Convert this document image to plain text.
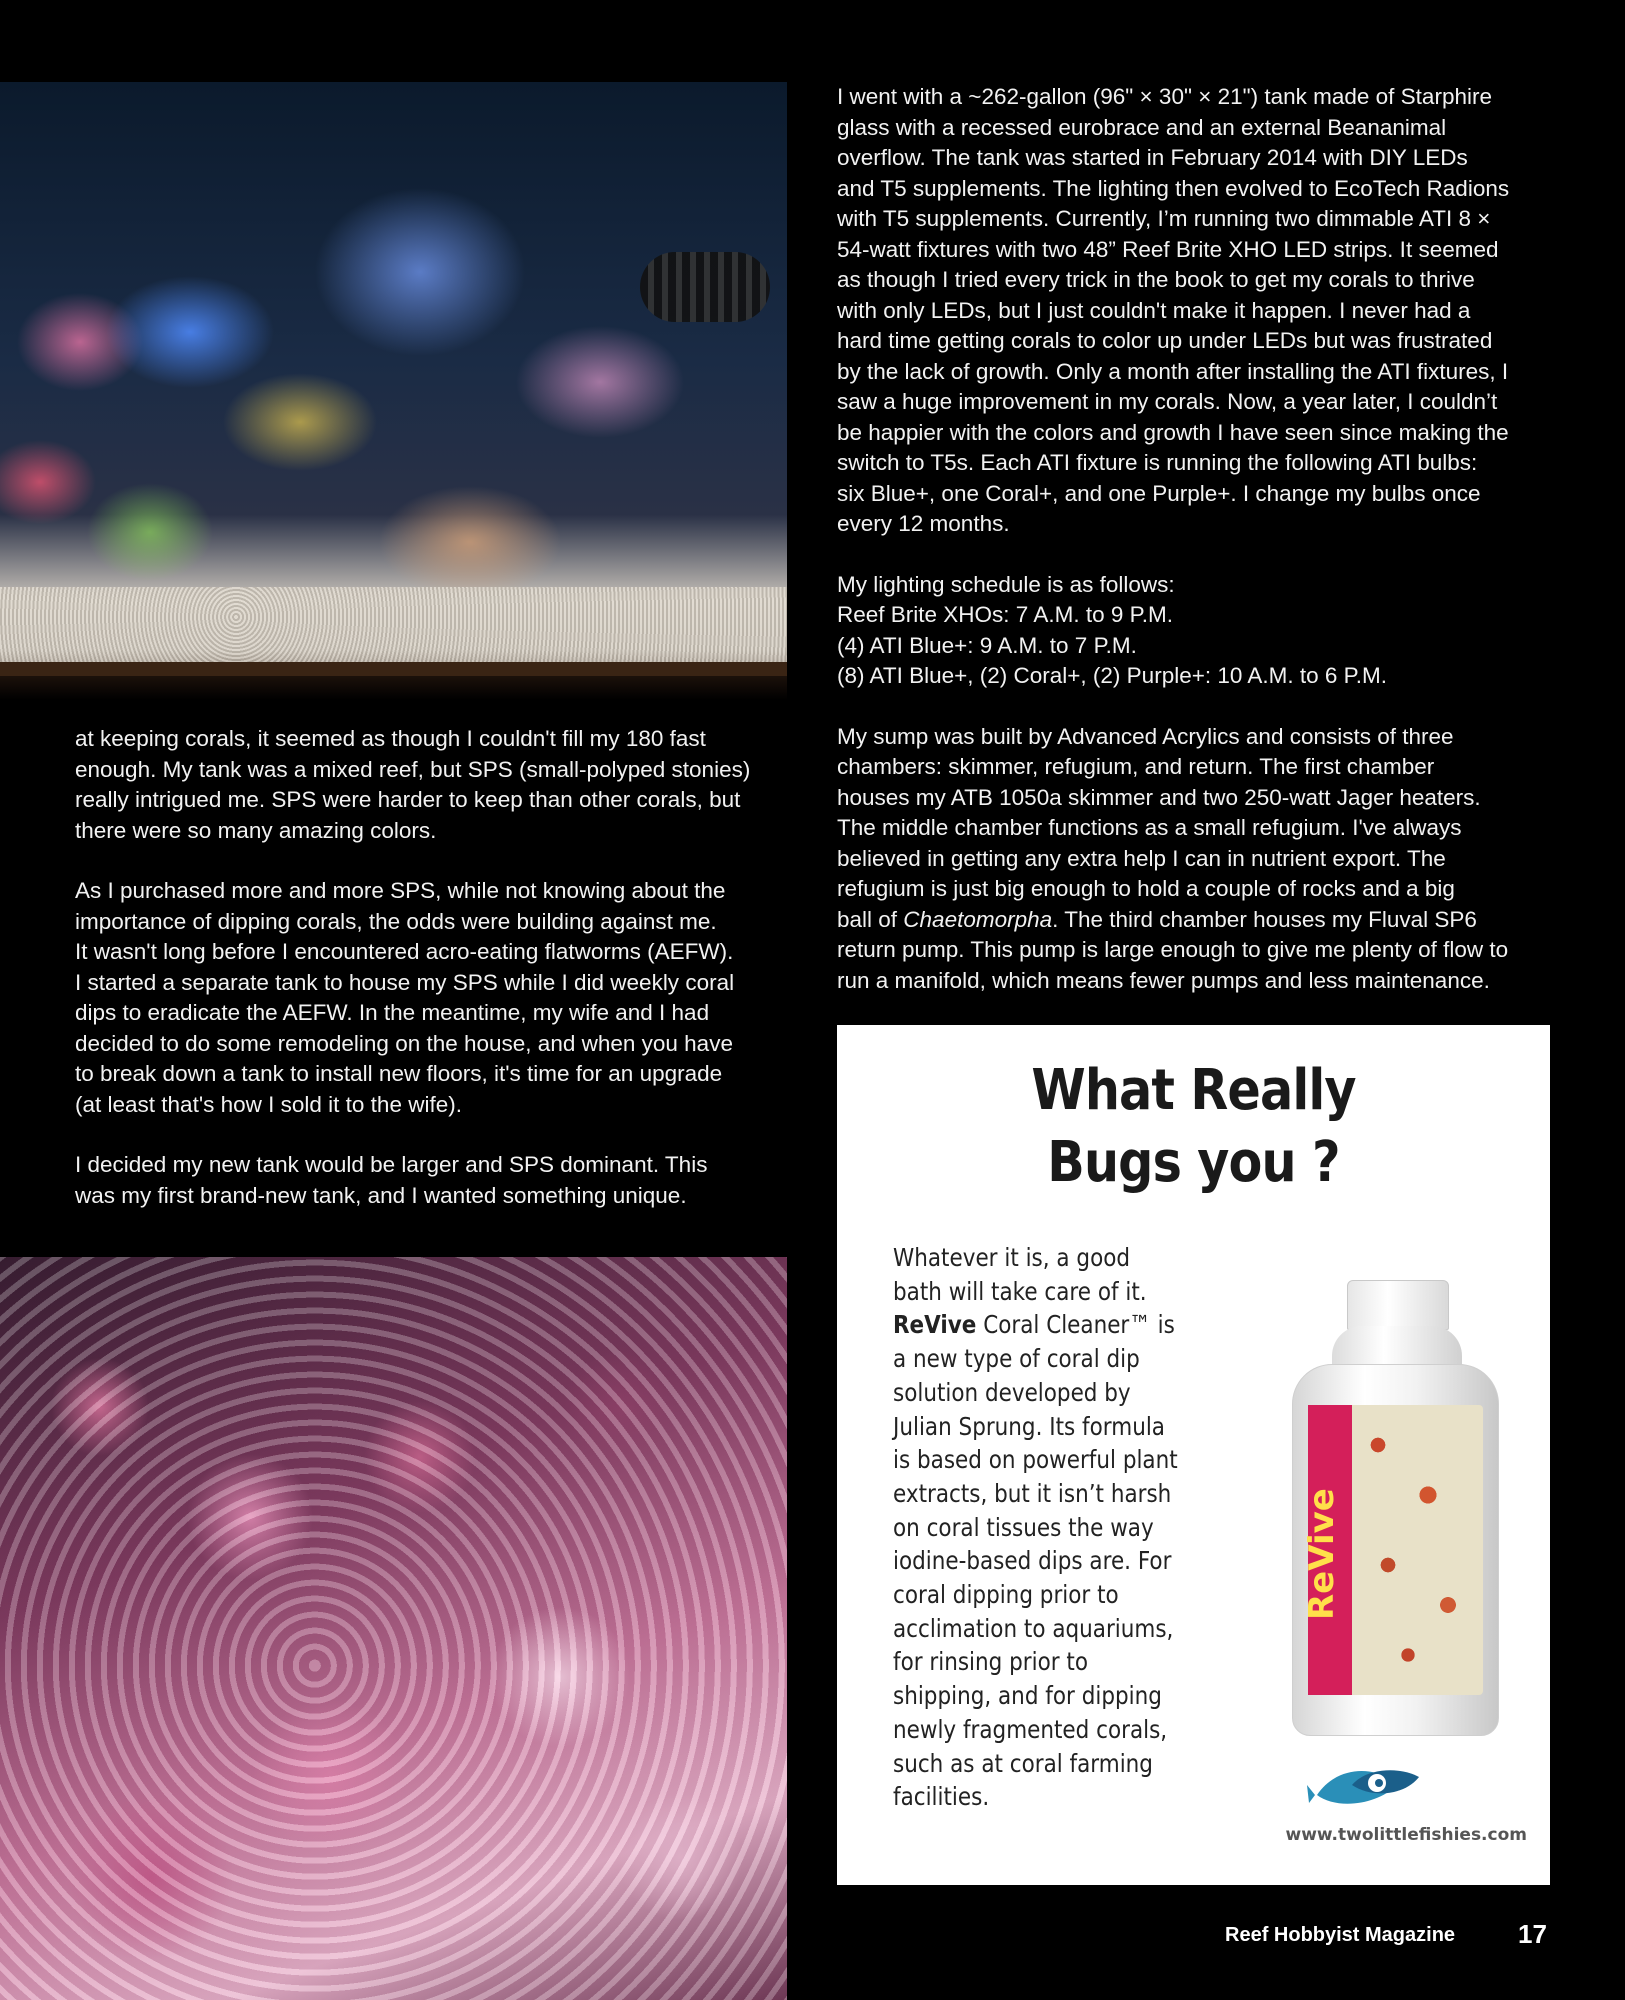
I went with a ~262-gallon (96" × 30" × 21") tank made of Starphire
glass with a recessed eurobrace and an external Beananimal
overflow. The tank was started in February 2014 with DIY LEDs
and T5 supplements. The lighting then evolved to EcoTech Radions
with T5 supplements. Currently, I’m running two dimmable ATI 8 ×
54-watt fixtures with two 48” Reef Brite XHO LED strips. It seemed
as though I tried every trick in the book to get my corals to thrive
with only LEDs, but I just couldn't make it happen. I never had a
hard time getting corals to color up under LEDs but was frustrated
by the lack of growth. Only a month after installing the ATI fixtures, I
saw a huge improvement in my corals. Now, a year later, I couldn’t
be happier with the colors and growth I have seen since making the
switch to T5s. Each ATI fixture is running the following ATI bulbs:
six Blue+, one Coral+, and one Purple+. I change my bulbs once
every 12 months.

My lighting schedule is as follows:
Reef Brite XHOs: 7 A.M. to 9 P.M.
(4) ATI Blue+: 9 A.M. to 7 P.M.
(8) ATI Blue+, (2) Coral+, (2) Purple+: 10 A.M. to 6 P.M.

My sump was built by Advanced Acrylics and consists of three
chambers: skimmer, refugium, and return. The first chamber
houses my ATB 1050a skimmer and two 250-watt Jager heaters.
The middle chamber functions as a small refugium. I've always
believed in getting any extra help I can in nutrient export. The
refugium is just big enough to hold a couple of rocks and a big
ball of Chaetomorpha. The third chamber houses my Fluval SP6
return pump. This pump is large enough to give me plenty of flow to
run a manifold, which means fewer pumps and less maintenance.

at keeping corals, it seemed as though I couldn't fill my 180 fast
enough. My tank was a mixed reef, but SPS (small-polyped stonies)
really intrigued me. SPS were harder to keep than other corals, but
there were so many amazing colors.

As I purchased more and more SPS, while not knowing about the
importance of dipping corals, the odds were building against me.
It wasn't long before I encountered acro-eating flatworms (AEFW).
I started a separate tank to house my SPS while I did weekly coral
dips to eradicate the AEFW. In the meantime, my wife and I had
decided to do some remodeling on the house, and when you have
to break down a tank to install new floors, it's time for an upgrade
(at least that's how I sold it to the wife).

I decided my new tank would be larger and SPS dominant. This
was my first brand-new tank, and I wanted something unique.

What Really
Bugs you ?
Whatever it is, a good
bath will take care of it.
ReVive Coral Cleaner™ is
a new type of coral dip
solution developed by
Julian Sprung. Its formula
is based on powerful plant
extracts, but it isn’t harsh
on coral tissues the way
iodine-based dips are. For
coral dipping prior to
acclimation to aquariums,
for rinsing prior to
shipping, and for dipping
newly fragmented corals,
such as at coral farming
facilities.
ReVive
www.twolittlefishies.com
Reef Hobbyist Magazine 17
